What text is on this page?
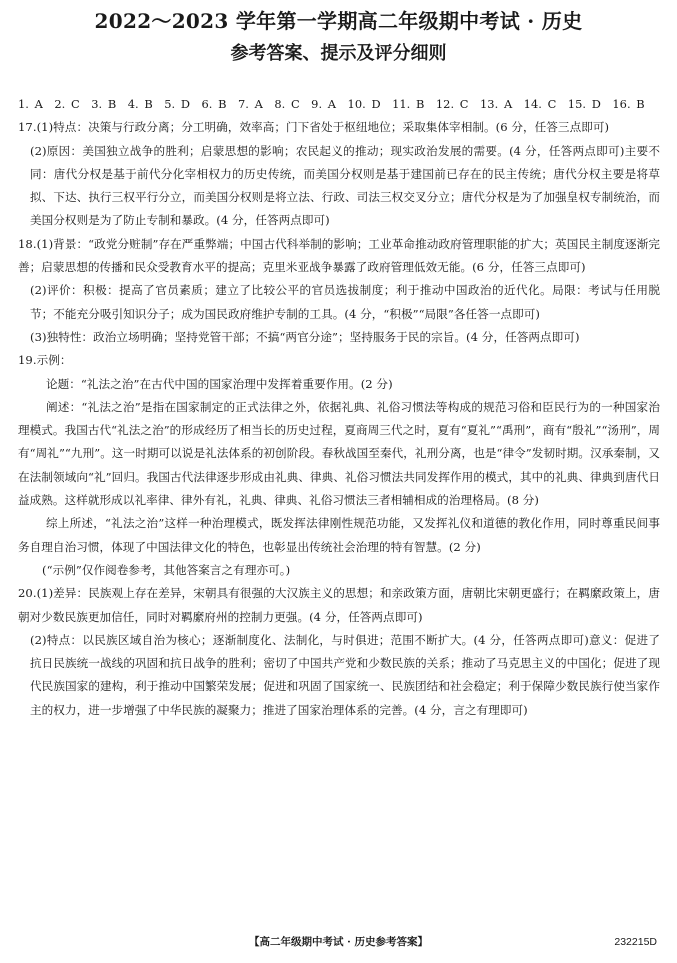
2022～2023 学年第一学期高二年级期中考试 · 历史
参考答案、提示及评分细则

1. A　2. C　3. B　4. B　5. D　6. B　7. A　8. C　9. A　10. D　11. B　12. C　13. A　14. C　15. D　16. B

17.(1)特点：决策与行政分离；分工明确，效率高；门下省处于枢纽地位；采取集体宰相制。(6 分，任答三点即可)

(2)原因：美国独立战争的胜利；启蒙思想的影响；农民起义的推动；现实政治发展的需要。(4 分，任答两点即可)主要不同：唐代分权是基于前代分化宰相权力的历史传统，而美国分权则是基于建国前已存在的民主传统；唐代分权主要是将草拟、下达、执行三权平行分立，而美国分权则是将立法、行政、司法三权交叉分立；唐代分权是为了加强皇权专制统治，而美国分权则是为了防止专制和暴政。(4 分，任答两点即可)

18.(1)背景：“政党分赃制”存在严重弊端；中国古代科举制的影响；工业革命推动政府管理职能的扩大；英国民主制度逐渐完善；启蒙思想的传播和民众受教育水平的提高；克里米亚战争暴露了政府管理低效无能。(6 分，任答三点即可)

(2)评价：积极：提高了官员素质；建立了比较公平的官员选拔制度；利于推动中国政治的近代化。局限：考试与任用脱节；不能充分吸引知识分子；成为国民政府维护专制的工具。(4 分，“积极”“局限”各任答一点即可)

(3)独特性：政治立场明确；坚持党管干部；不搞“两官分途”；坚持服务于民的宗旨。(4 分，任答两点即可)

19.示例：

论题：“礼法之治”在古代中国的国家治理中发挥着重要作用。(2 分)

阐述：“礼法之治”是指在国家制定的正式法律之外，依据礼典、礼俗习惯法等构成的规范习俗和臣民行为的一种国家治理模式。我国古代“礼法之治”的形成经历了相当长的历史过程，夏商周三代之时，夏有“夏礼”“禹刑”，商有“殷礼”“汤刑”，周有“周礼”“九刑”。这一时期可以说是礼法体系的初创阶段。春秋战国至秦代，礼刑分离，也是“律令”发韧时期。汉承秦制，又在法制领域向“礼”回归。我国古代法律逐步形成由礼典、律典、礼俗习惯法共同发挥作用的模式，其中的礼典、律典到唐代日益成熟。这样就形成以礼率律、律外有礼，礼典、律典、礼俗习惯法三者相辅相成的治理格局。(8 分)

综上所述，“礼法之治”这样一种治理模式，既发挥法律刚性规范功能，又发挥礼仪和道德的教化作用，同时尊重民间事务自理自治习惯，体现了中国法律文化的特色，也彰显出传统社会治理的特有智慧。(2 分)

(“示例”仅作阅卷参考，其他答案言之有理亦可。)

20.(1)差异：民族观上存在差异，宋朝具有很强的大汉族主义的思想；和亲政策方面，唐朝比宋朝更盛行；在羁縻政策上，唐朝对少数民族更加信任，同时对羁縻府州的控制力更强。(4 分，任答两点即可)

(2)特点：以民族区域自治为核心；逐渐制度化、法制化，与时俱进；范围不断扩大。(4 分，任答两点即可)意义：促进了抗日民族统一战线的巩固和抗日战争的胜利；密切了中国共产党和少数民族的关系；推动了马克思主义的中国化；促进了现代民族国家的建构，利于推动中国繁荣发展；促进和巩固了国家统一、民族团结和社会稳定；利于保障少数民族行使当家作主的权力，进一步增强了中华民族的凝聚力；推进了国家治理体系的完善。(4 分，言之有理即可)

【高二年级期中考试 · 历史参考答案】	232215D
